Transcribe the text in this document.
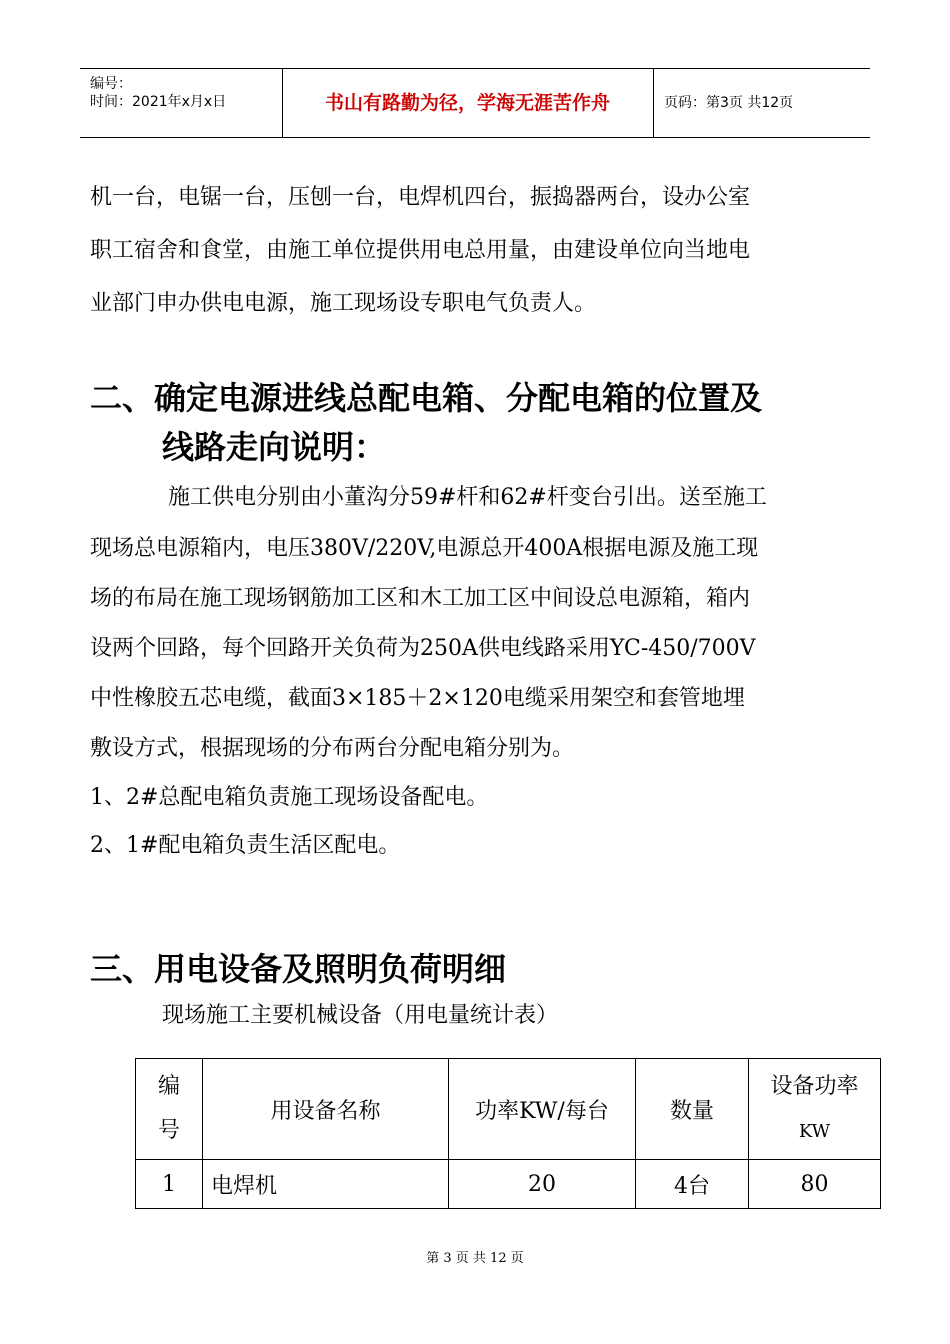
编号：
时间：2021年x月x日	书山有路勤为径，学海无涯苦作舟	页码：第3页 共12页
机一台，电锯一台，压刨一台，电焊机四台，振捣器两台，设办公室
职工宿舍和食堂，由施工单位提供用电总用量，由建设单位向当地电
业部门申办供电电源，施工现场设专职电气负责人。
二、确定电源进线总配电箱、分配电箱的位置及
线路走向说明：
施工供电分别由小董沟分59#杆和62#杆变台引出。送至施工
现场总电源箱内，电压380V/220V,电源总开400A根据电源及施工现
场的布局在施工现场钢筋加工区和木工加工区中间设总电源箱，箱内
设两个回路，每个回路开关负荷为250A供电线路采用YC-450/700V
中性橡胶五芯电缆，截面3×185＋2×120电缆采用架空和套管地埋
敷设方式，根据现场的分布两台分配电箱分别为。
1、2#总配电箱负责施工现场设备配电。
2、1#配电箱负责生活区配电。
三、用电设备及照明负荷明细
现场施工主要机械设备（用电量统计表）
编
号	用设备名称	功率KW/每台	数量	设备功率
KW
1	电焊机	20	4台	80
第 3 页 共 12 页
